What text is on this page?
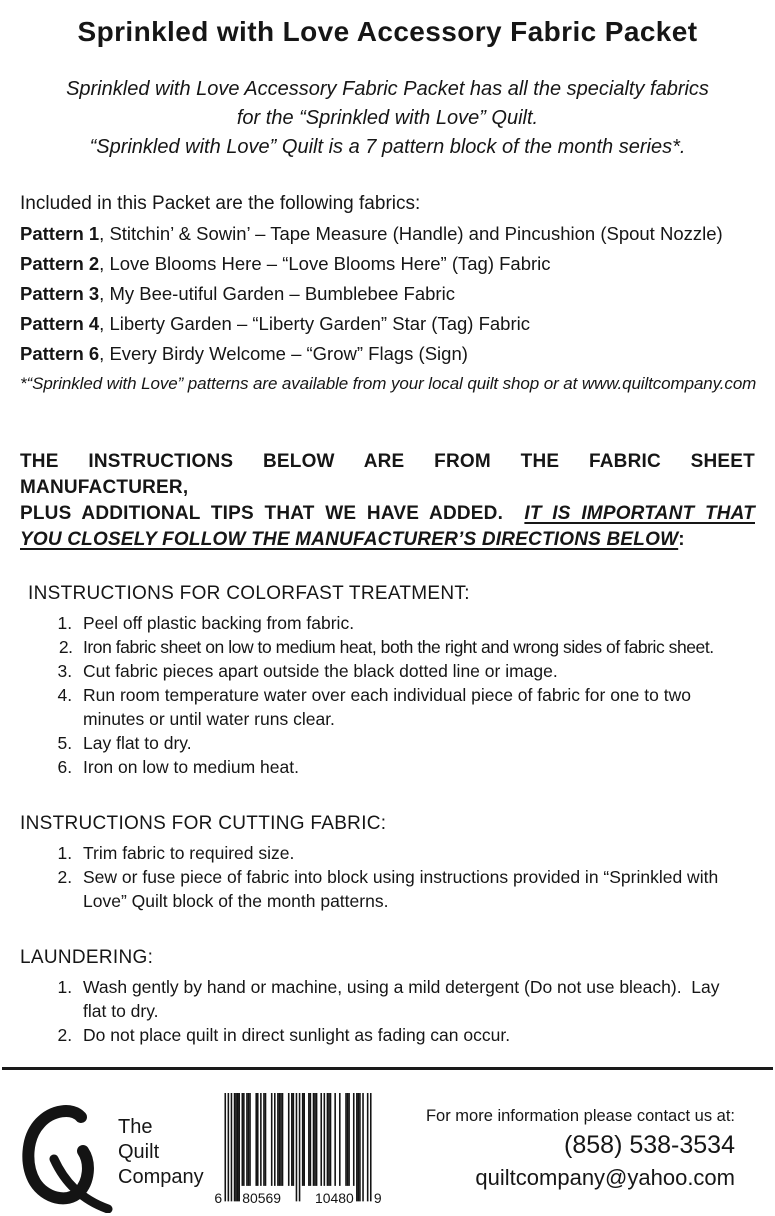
Sprinkled with Love Accessory Fabric Packet
Sprinkled with Love Accessory Fabric Packet has all the specialty fabrics
for the “Sprinkled with Love” Quilt.
“Sprinkled with Love” Quilt is a 7 pattern block of the month series*.
Included in this Packet are the following fabrics:
Pattern 1, Stitchin’ & Sowin’ – Tape Measure (Handle) and Pincushion (Spout Nozzle)
Pattern 2, Love Blooms Here – “Love Blooms Here” (Tag) Fabric
Pattern 3, My Bee-utiful Garden – Bumblebee Fabric
Pattern 4, Liberty Garden – “Liberty Garden” Star (Tag) Fabric
Pattern 6, Every Birdy Welcome – “Grow” Flags (Sign)
*“Sprinkled with Love” patterns are available from your local quilt shop or at www.quiltcompany.com
THE INSTRUCTIONS BELOW ARE FROM THE FABRIC SHEET MANUFACTURER,
PLUS ADDITIONAL TIPS THAT WE HAVE ADDED.  IT IS IMPORTANT THAT
YOU CLOSELY FOLLOW THE MANUFACTURER’S DIRECTIONS BELOW:
INSTRUCTIONS FOR COLORFAST TREATMENT:
1. Peel off plastic backing from fabric.
2. Iron fabric sheet on low to medium heat, both the right and wrong sides of fabric sheet.
3. Cut fabric pieces apart outside the black dotted line or image.
4. Run room temperature water over each individual piece of fabric for one to two minutes or until water runs clear.
5. Lay flat to dry.
6. Iron on low to medium heat.
INSTRUCTIONS FOR CUTTING FABRIC:
1. Trim fabric to required size.
2. Sew or fuse piece of fabric into block using instructions provided in “Sprinkled with Love” Quilt block of the month patterns.
LAUNDERING:
1. Wash gently by hand or machine, using a mild detergent (Do not use bleach).  Lay flat to dry.
2. Do not place quilt in direct sunlight as fading can occur.
The
Quilt
Company
6 80569	10480 9
For more information please contact us at:
(858) 538-3534
quiltcompany@yahoo.com
